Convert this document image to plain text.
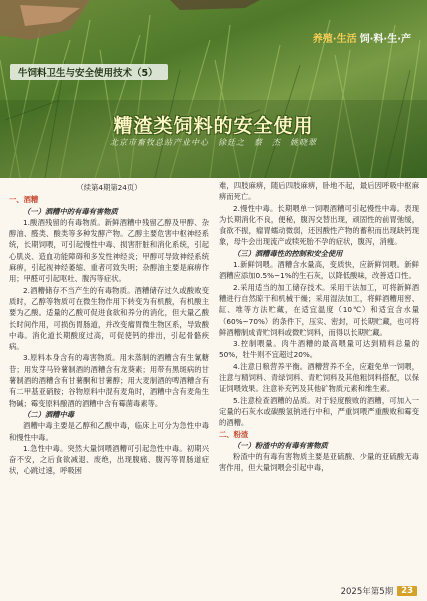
养殖·生活 饲·料·生·产
牛饲料卫生与安全使用技术（5）
糟渣类饲料的安全使用
北京市畜牧总站产业中心　徐廷之　蔡　杰　姚晓翠

（续第4期第24页）

一、酒糟

（一）酒糟中的有毒有害物质

1.酸酒残留的有毒物质。新鲜酒糟中残留乙醇及甲醇、杂醇油、醛类、酸类等多种发酵产物。乙醇主要危害中枢神经系统，长期饲喂，可引起慢性中毒、损害肝脏和消化系统，引起心肌炎、造血功能障碍和多发性神经炎；甲醇可导致神经系统麻痹，引起视神经萎缩、重者可致失明；杂醇油主要是麻痹作用；甲醛可引起呕吐、腹泻等症状。

2.酒糟储存不当产生的有毒物质。酒糟储存过久或酸败变质时，乙醇等物质可在微生物作用下转变为有机酸，有机酸主要为乙酸。适量的乙酸可促进食欲和养分的消化，但大量乙酸长时间作用，可损伤胃肠道，并改变瘤胃微生物区系，导致酸中毒。消化道长期酸度过高，可促使钙的排出，引起骨骼疾病。

3.原料本身含有的毒害物质。用未蒸制的酒糟含有生氰糖苷；用发芽马铃薯制酒的酒糟含有龙葵素；用带有黑斑病的甘薯制酒的酒糟含有甘薯酮和甘薯醇；用大麦制酒的啤酒糟含有有二甲基亚硝胺；谷物原料中混有麦角时，酒糟中含有麦角生物碱；霉变原料酿酒的酒糟中含有霉菌毒素等。

（二）酒糟中毒

酒糟中毒主要是乙醇和乙酸中毒，临床上可分为急性中毒和慢性中毒。

1.急性中毒。突然大量饲喂酒糟可引起急性中毒。初期兴奋不安，之后食欲减退、废绝，出现腹痛、腹泻等胃肠道症状，心跳过速，呼吸困

难，四肢麻痹，随后四肢麻痹，卧地不起，最后因呼吸中枢麻痹而死亡。

2.慢性中毒。长期喂单一饲喂酒糟可引起慢性中毒。表现为长期消化不良，便秘，腹泻交替出现，顽固性的前胃弛缓，食欲不振，瘤胃蠕动微弱，还因酸性产物的蓄积而出现缺钙现象，母牛会出现流产或犊死胎不孕的症状，腹泻，消瘦。

（三）酒糟毒性的控制和安全使用

1.新鲜饲喂。酒糟含水量高，变质快，应新鲜饲喂。新鲜酒糟应添加0.5%~1%的生石灰，以降低酸味，改善适口性。

2.采用适当的加工储存技术。采用干法加工，可将新鲜酒糟进行自然晾干和机械干燥；采用湿法加工，将鲜酒糟用窖、缸、堆等方法贮藏，在适宜温度（10℃）和适宜含水量（60%~70%）的条件下，压实、密封，可长期贮藏，也可将鲜酒糟制成青贮饲料或微贮饲料，而得以长期贮藏。

3.控制喂量。肉牛酒糟的最高喂量可达到精料总量的50%，牡牛则不宜超过20%。

4.注意日粮营养平衡。酒糟营养不全，应避免单一饲喂，注意与精饲料、青绿饲料、青贮饲料及其他粗饲料搭配，以保证饲喂效果。注意补充钙及其他矿物质元素和维生素。

5.注意检查酒糟的品质。对于轻度酸败的酒糟，可加入一定量的石灰水或碳酸氢钠进行中和，严重饲喂严重酸败和霉变的酒糟。

二、粉渣

（一）粉渣中的有毒有害物质

粉渣中的有毒有害物质主要是亚硫酸、少量的亚硫酸无毒害作用，但大量饲喂会引起中毒，

2025年第5期 23
